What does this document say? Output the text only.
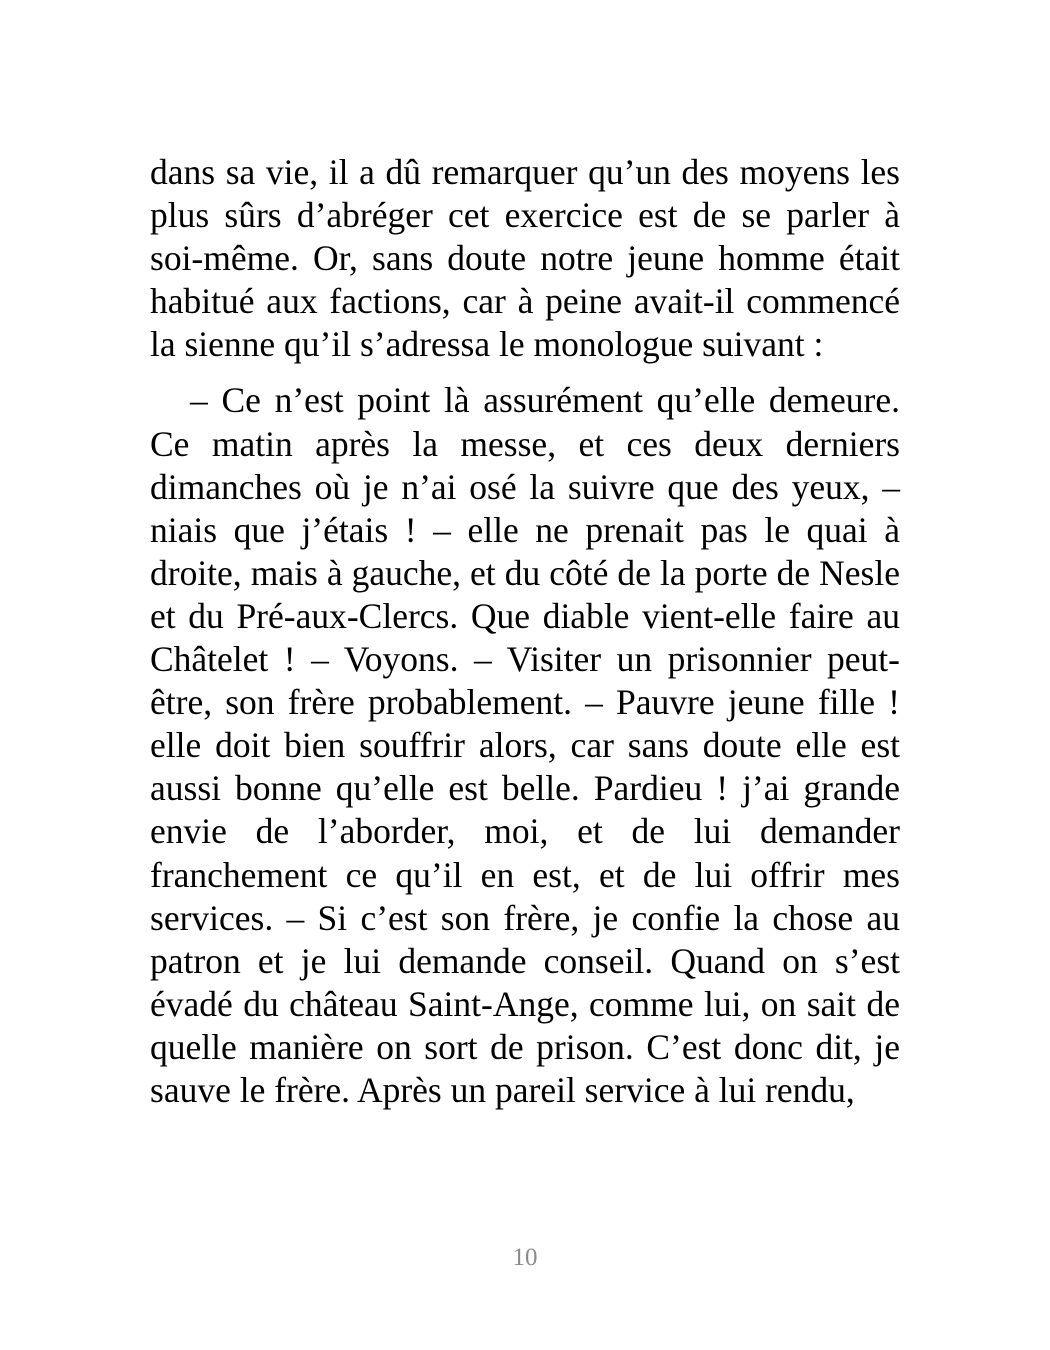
dans sa vie, il a dû remarquer qu’un des moyens les plus sûrs d’abréger cet exercice est de se parler à soi-même. Or, sans doute notre jeune homme était habitué aux factions, car à peine avait-il commencé la sienne qu’il s’adressa le monologue suivant :

– Ce n’est point là assurément qu’elle demeure. Ce matin après la messe, et ces deux derniers dimanches où je n’ai osé la suivre que des yeux, – niais que j’étais ! – elle ne prenait pas le quai à droite, mais à gauche, et du côté de la porte de Nesle et du Pré-aux-Clercs. Que diable vient-elle faire au Châtelet ! – Voyons. – Visiter un prisonnier peut-être, son frère probablement. – Pauvre jeune fille ! elle doit bien souffrir alors, car sans doute elle est aussi bonne qu’elle est belle. Pardieu ! j’ai grande envie de l’aborder, moi, et de lui demander franchement ce qu’il en est, et de lui offrir mes services. – Si c’est son frère, je confie la chose au patron et je lui demande conseil. Quand on s’est évadé du château Saint-Ange, comme lui, on sait de quelle manière on sort de prison. C’est donc dit, je sauve le frère. Après un pareil service à lui rendu,

10
